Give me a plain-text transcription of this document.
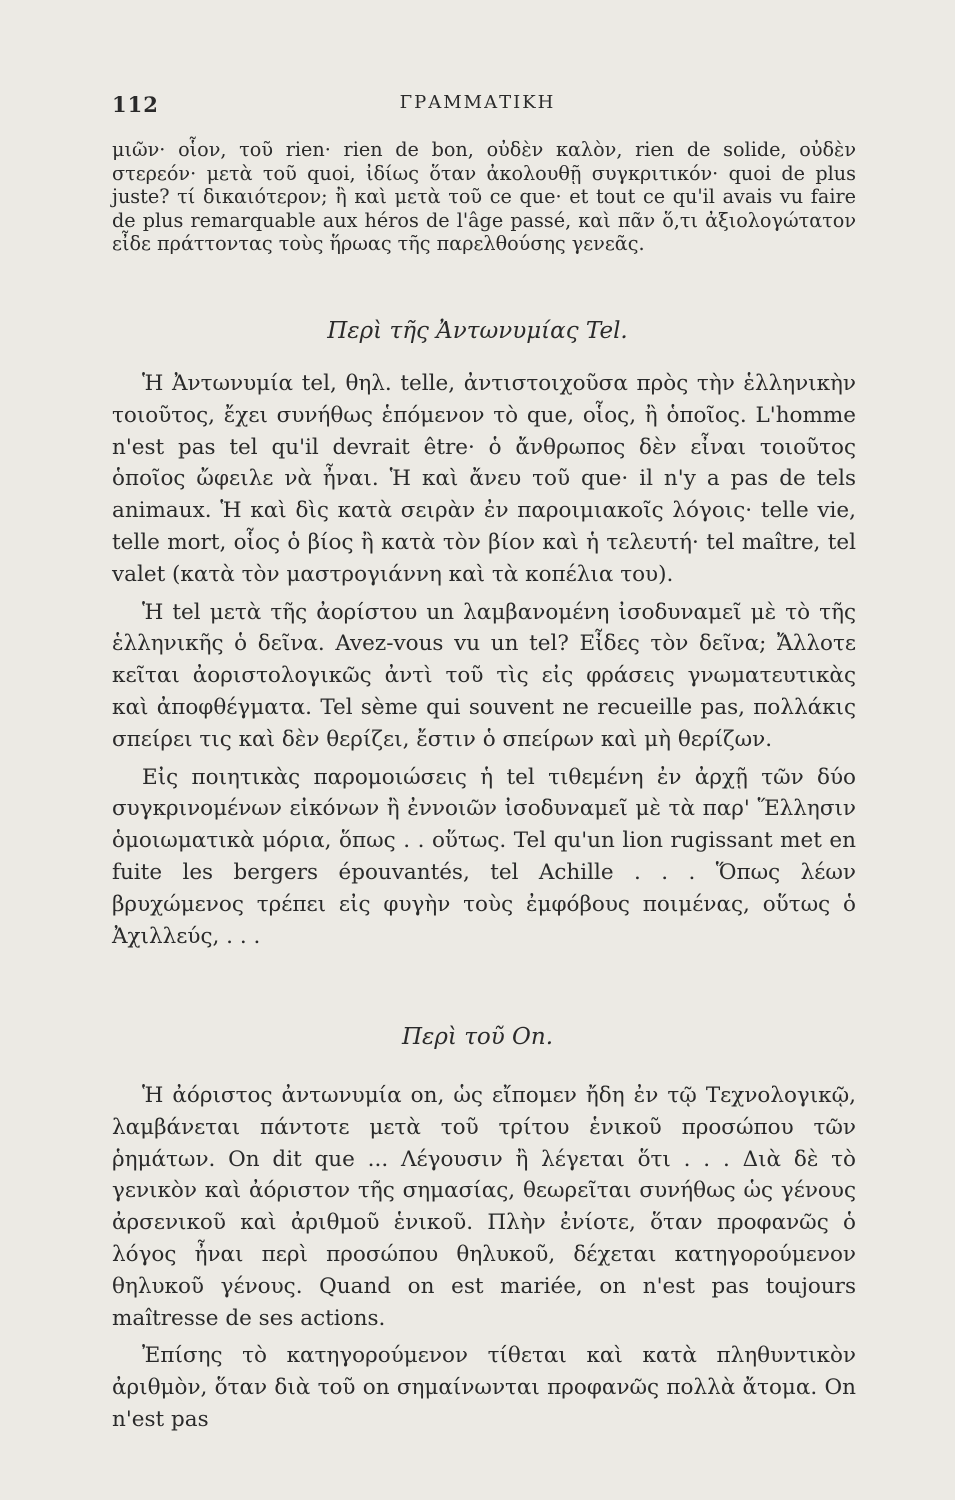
112	ΓΡΑΜΜΑΤΙΚΗ

μιῶν· οἷον, τοῦ rien· rien de bon, οὐδὲν καλὸν, rien de solide, οὐδὲν στερεόν· μετὰ τοῦ quoi, ἰδίως ὅταν ἀκολουθῇ συγκριτικόν· quoi de plus juste? τί δικαιότερον; ἢ καὶ μετὰ τοῦ ce que· et tout ce qu'il avais vu faire de plus remarquable aux héros de l'âge passé, καὶ πᾶν ὅ,τι ἀξιολογώτατον εἶδε πράττοντας τοὺς ἥρωας τῆς παρελθούσης γενεᾶς.

Περὶ τῆς Ἀντωνυμίας Tel.

Ἡ Ἀντωνυμία tel, θηλ. telle, ἀντιστοιχοῦσα πρὸς τὴν ἑλληνικὴν τοιοῦτος, ἔχει συνήθως ἑπόμενον τὸ que, οἷος, ἢ ὁποῖος. L'homme n'est pas tel qu'il devrait être· ὁ ἄνθρωπος δὲν εἶναι τοιοῦτος ὁποῖος ὤφειλε νὰ ἦναι. Ἡ καὶ ἄνευ τοῦ que· il n'y a pas de tels animaux. Ἡ καὶ δὶς κατὰ σειρὰν ἐν παροιμιακοῖς λόγοις· telle vie, telle mort, οἷος ὁ βίος ἢ κατὰ τὸν βίον καὶ ἡ τελευτή· tel maître, tel valet (κατὰ τὸν μαστρογιάννη καὶ τὰ κοπέλια του).

Ἡ tel μετὰ τῆς ἀορίστου un λαμβανομένη ἰσοδυναμεῖ μὲ τὸ τῆς ἑλληνικῆς ὁ δεῖνα. Avez-vous vu un tel? Εἶδες τὸν δεῖνα; Ἄλλοτε κεῖται ἀοριστολογικῶς ἀντὶ τοῦ τὶς εἰς φράσεις γνωματευτικὰς καὶ ἀποφθέγματα. Tel sème qui souvent ne recueille pas, πολλάκις σπείρει τις καὶ δὲν θερίζει, ἔστιν ὁ σπείρων καὶ μὴ θερίζων.

Εἰς ποιητικὰς παρομοιώσεις ἡ tel τιθεμένη ἐν ἀρχῇ τῶν δύο συγκρινομένων εἰκόνων ἢ ἐννοιῶν ἰσοδυναμεῖ μὲ τὰ παρ' Ἕλλησιν ὁμοιωματικὰ μόρια, ὅπως . . οὕτως. Tel qu'un lion rugissant met en fuite les bergers épouvantés, tel Achille . . . Ὅπως λέων βρυχώμενος τρέπει εἰς φυγὴν τοὺς ἐμφόβους ποιμένας, οὕτως ὁ Ἀχιλλεύς, . . .

Περὶ τοῦ On.

Ἡ ἀόριστος ἀντωνυμία on, ὡς εἴπομεν ἤδη ἐν τῷ Τεχνολογικῷ, λαμβάνεται πάντοτε μετὰ τοῦ τρίτου ἑνικοῦ προσώπου τῶν ῥημάτων. On dit que ... Λέγουσιν ἢ λέγεται ὅτι . . . Διὰ δὲ τὸ γενικὸν καὶ ἀόριστον τῆς σημασίας, θεωρεῖται συνήθως ὡς γένους ἀρσενικοῦ καὶ ἀριθμοῦ ἑνικοῦ. Πλὴν ἐνίοτε, ὅταν προφανῶς ὁ λόγος ἦναι περὶ προσώπου θηλυκοῦ, δέχεται κατηγορούμενον θηλυκοῦ γένους. Quand on est mariée, on n'est pas toujours maîtresse de ses actions.

Ἐπίσης τὸ κατηγορούμενον τίθεται καὶ κατὰ πληθυντικὸν ἀριθμὸν, ὅταν διὰ τοῦ on σημαίνωνται προφανῶς πολλὰ ἄτομα. On n'est pas
